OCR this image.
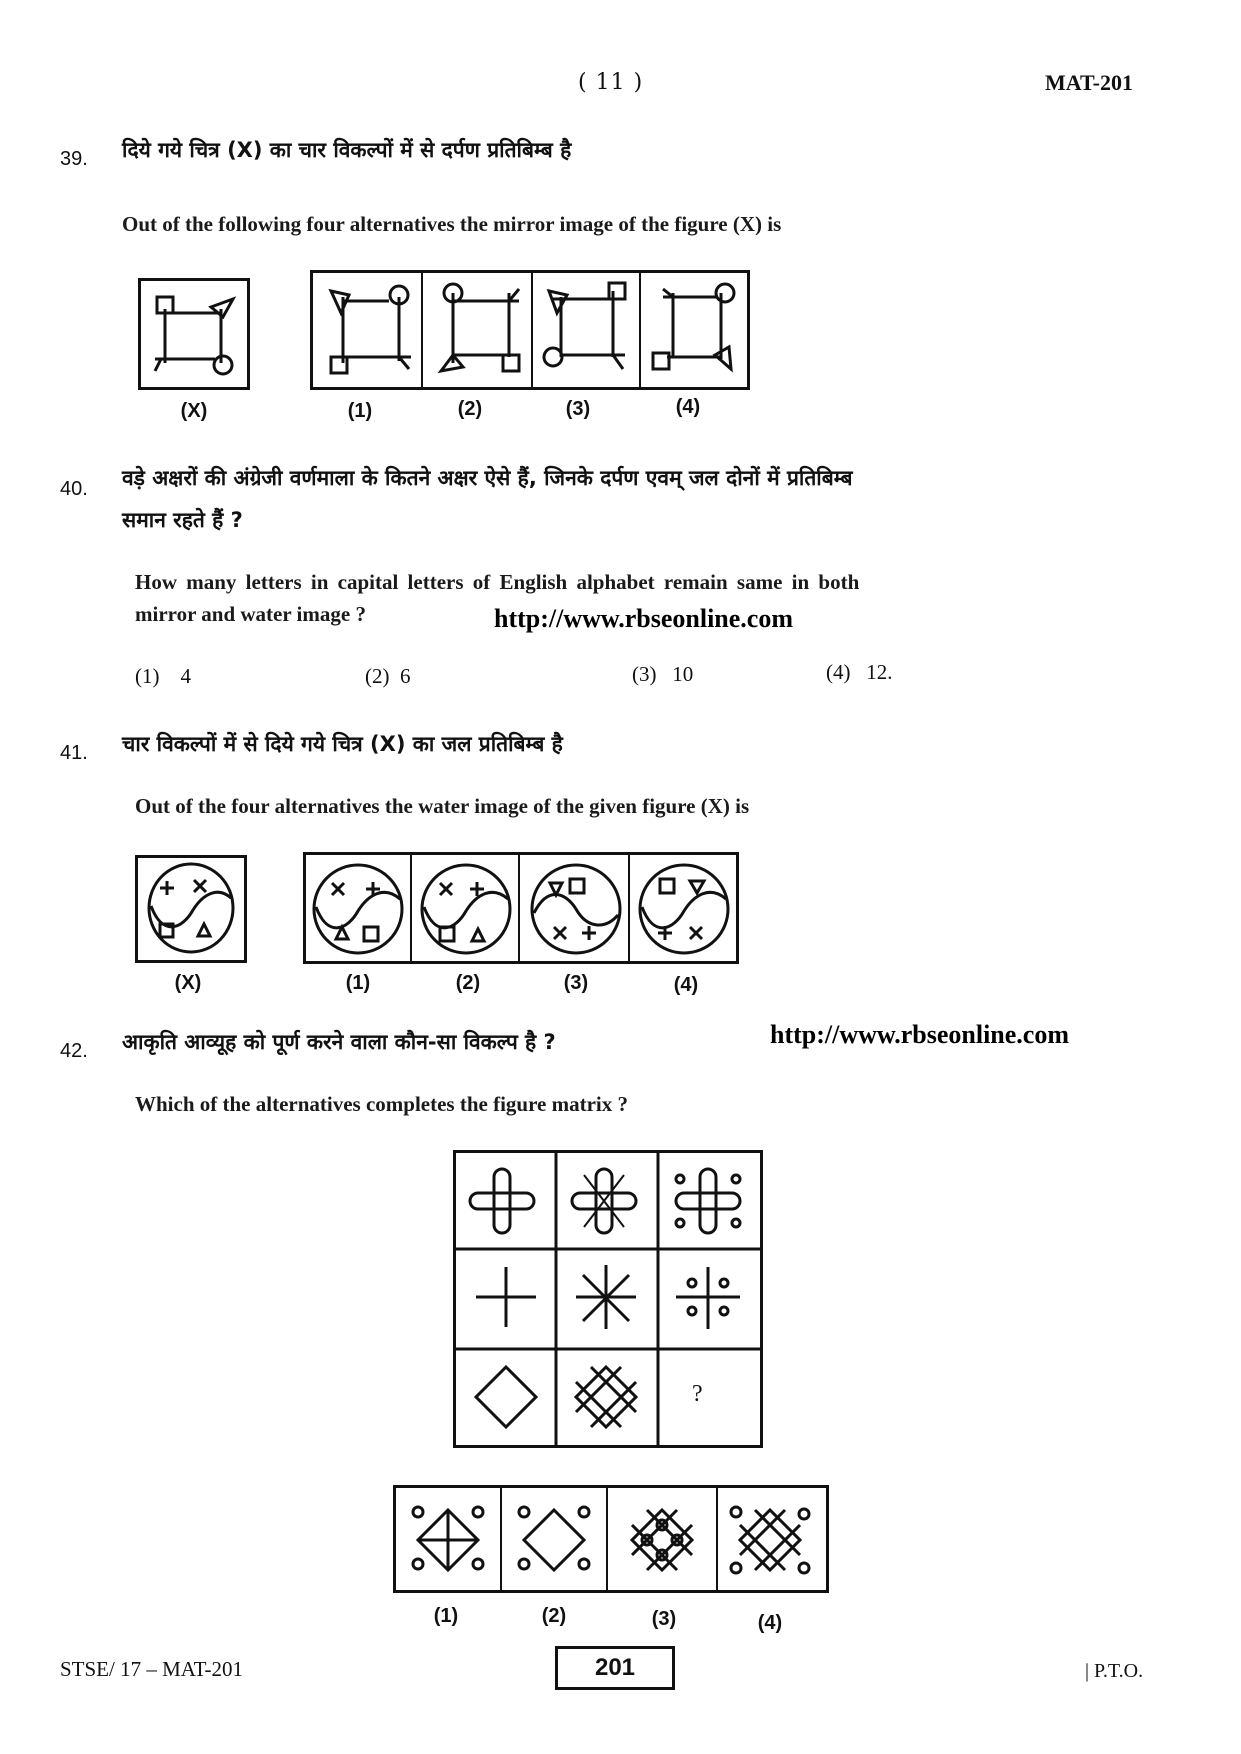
( 11 )	MAT-201
39. दिये गये चित्र (X) का चार विकल्पों में से दर्पण प्रतिबिम्ब है
Out of the following four alternatives the mirror image of the figure (X) is
(X)	(1)	(2)	(3)	(4)
40. वड़े अक्षरों की अंग्रेजी वर्णमाला के कितने अक्षर ऐसे हैं, जिनके दर्पण एवम् जल दोनों में प्रतिबिम्ब
समान रहते हैं ?
How many letters in capital letters of English alphabet remain same in both
mirror and water image ?	http://www.rbseonline.com
(1) 4	(2) 6	(3) 10	(4) 12.
41. चार विकल्पों में से दिये गये चित्र (X) का जल प्रतिबिम्ब है
Out of the four alternatives the water image of the given figure (X) is
(X)	(1)	(2)	(3)	(4)
42. आकृति आव्यूह को पूर्ण करने वाला कौन-सा विकल्प है ?	http://www.rbseonline.com
Which of the alternatives completes the figure matrix ?
?
(1)	(2)	(3)	(4)
STSE/ 17 – MAT-201	201	| P.T.O.
